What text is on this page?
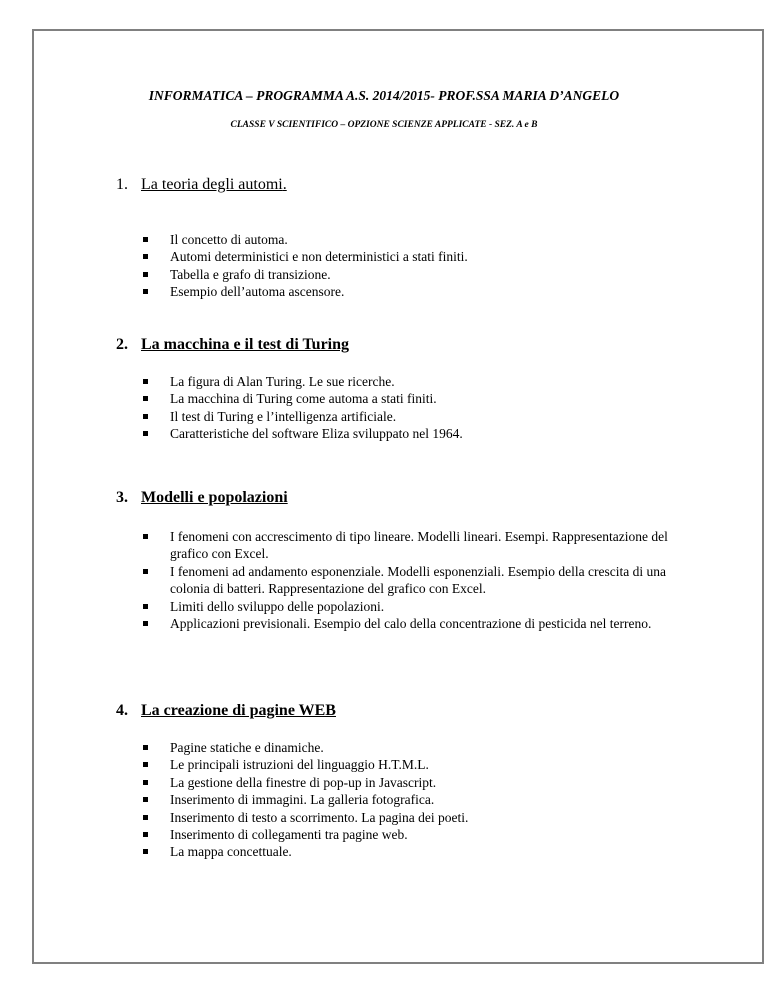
INFORMATICA – PROGRAMMA A.S. 2014/2015- PROF.SSA MARIA D’ANGELO
CLASSE V SCIENTIFICO – OPZIONE SCIENZE APPLICATE - SEZ. A e B
1. La teoria degli automi.
Il concetto di automa.
Automi deterministici e non deterministici a stati finiti.
Tabella e grafo di transizione.
Esempio dell’automa ascensore.
2. La macchina e il test di Turing
La figura di Alan Turing. Le sue ricerche.
La macchina di Turing come automa a stati finiti.
Il test di Turing e l’intelligenza artificiale.
Caratteristiche del software Eliza sviluppato nel 1964.
3. Modelli e popolazioni
I fenomeni con accrescimento di tipo lineare. Modelli lineari. Esempi. Rappresentazione del grafico con Excel.
I fenomeni ad andamento esponenziale. Modelli esponenziali. Esempio della crescita di una colonia di batteri. Rappresentazione del grafico con Excel.
Limiti dello sviluppo delle popolazioni.
Applicazioni previsionali. Esempio del calo della concentrazione di pesticida nel terreno.
4. La creazione di pagine WEB
Pagine statiche e dinamiche.
Le principali istruzioni del linguaggio H.T.M.L.
La gestione della finestre di pop-up in Javascript.
Inserimento di immagini. La galleria fotografica.
Inserimento di testo a scorrimento. La pagina dei poeti.
Inserimento di collegamenti tra pagine web.
La mappa concettuale.
